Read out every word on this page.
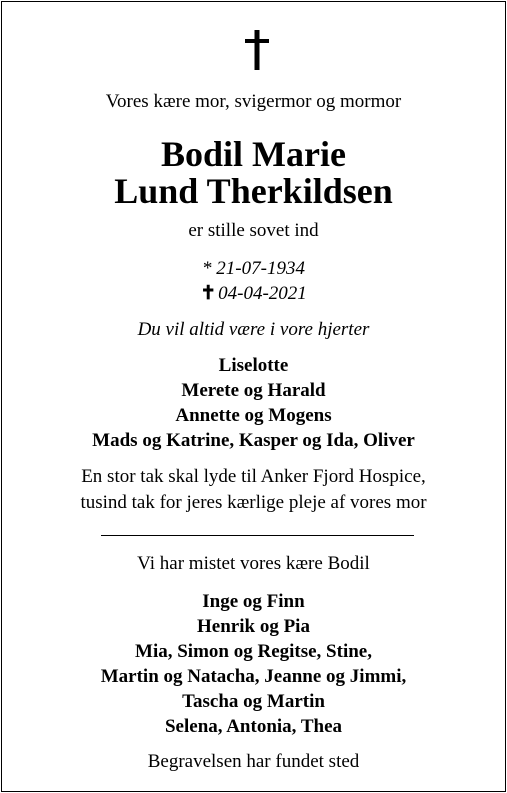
Vores kære mor, svigermor og mormor
Bodil Marie
Lund Therkildsen
er stille sovet ind
* 21-07-1934
✝ 04-04-2021
Du vil altid være i vore hjerter
Liselotte
Merete og Harald
Annette og Mogens
Mads og Katrine, Kasper og Ida, Oliver
En stor tak skal lyde til Anker Fjord Hospice,
tusind tak for jeres kærlige pleje af vores mor
Vi har mistet vores kære Bodil
Inge og Finn
Henrik og Pia
Mia, Simon og Regitse, Stine,
Martin og Natacha, Jeanne og Jimmi,
Tascha og Martin
Selena, Antonia, Thea
Begravelsen har fundet sted
